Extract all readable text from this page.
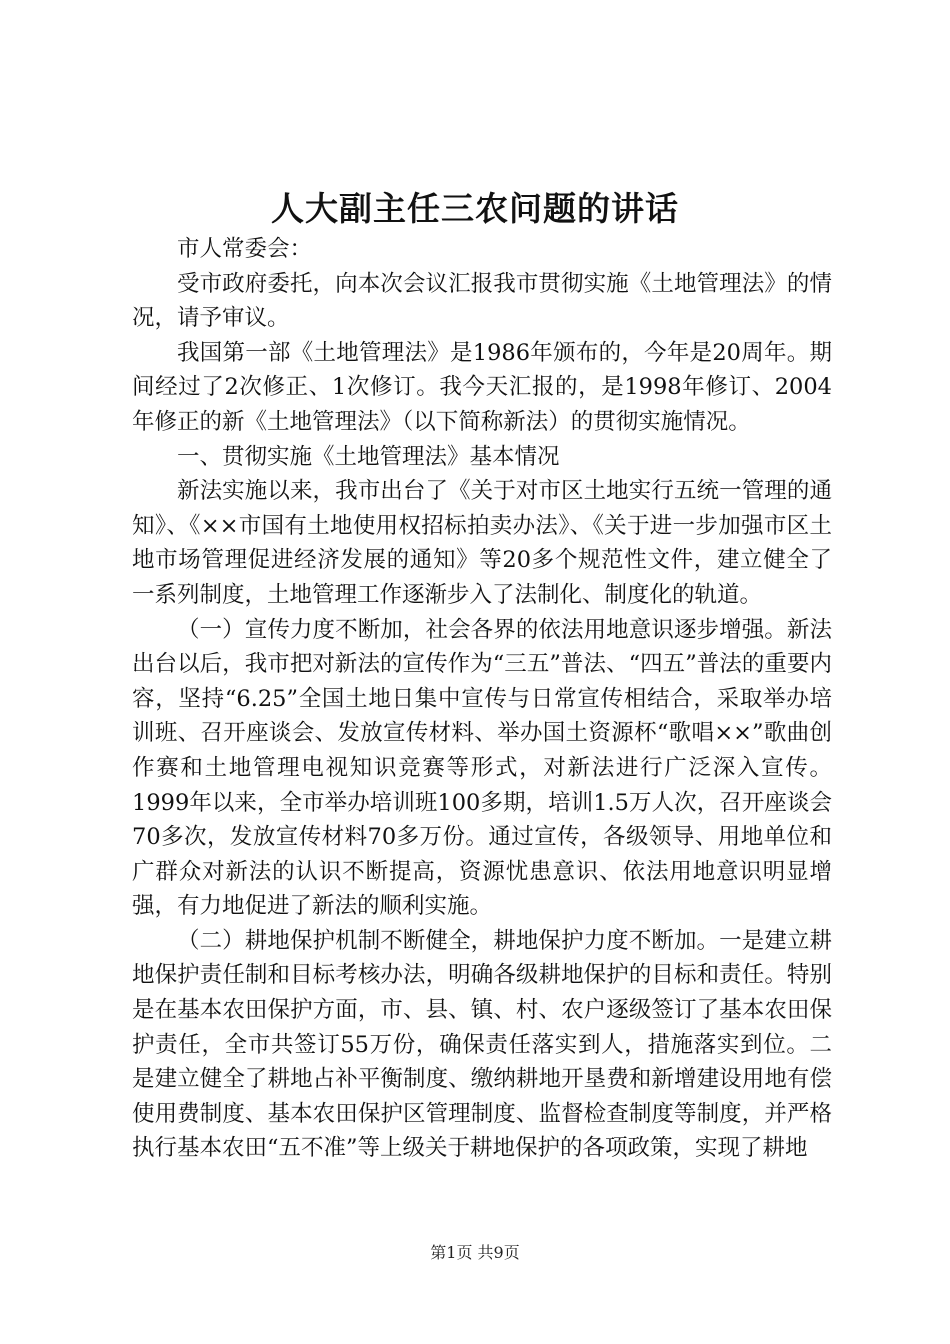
人大副主任三农问题的讲话

市人常委会：

受市政府委托，向本次会议汇报我市贯彻实施《土地管理法》的情况，请予审议。

我国第一部《土地管理法》是1986年颁布的，今年是20周年。期间经过了2次修正、1次修订。我今天汇报的，是1998年修订、2004年修正的新《土地管理法》（以下简称新法）的贯彻实施情况。

一、贯彻实施《土地管理法》基本情况

新法实施以来，我市出台了《关于对市区土地实行五统一管理的通知》、《××市国有土地使用权招标拍卖办法》、《关于进一步加强市区土地市场管理促进经济发展的通知》等20多个规范性文件，建立健全了一系列制度，土地管理工作逐渐步入了法制化、制度化的轨道。

（一）宣传力度不断加，社会各界的依法用地意识逐步增强。新法出台以后，我市把对新法的宣传作为“三五”普法、“四五”普法的重要内容，坚持“6.25”全国土地日集中宣传与日常宣传相结合，采取举办培训班、召开座谈会、发放宣传材料、举办国土资源杯“歌唱××”歌曲创作赛和土地管理电视知识竞赛等形式，对新法进行广泛深入宣传。1999年以来，全市举办培训班100多期，培训1.5万人次，召开座谈会70多次，发放宣传材料70多万份。通过宣传，各级领导、用地单位和广群众对新法的认识不断提高，资源忧患意识、依法用地意识明显增强，有力地促进了新法的顺利实施。

（二）耕地保护机制不断健全，耕地保护力度不断加。一是建立耕地保护责任制和目标考核办法，明确各级耕地保护的目标和责任。特别是在基本农田保护方面，市、县、镇、村、农户逐级签订了基本农田保护责任，全市共签订55万份，确保责任落实到人，措施落实到位。二是建立健全了耕地占补平衡制度、缴纳耕地开垦费和新增建设用地有偿使用费制度、基本农田保护区管理制度、监督检查制度等制度，并严格执行基本农田“五不准”等上级关于耕地保护的各项政策，实现了耕地

第1页 共9页
